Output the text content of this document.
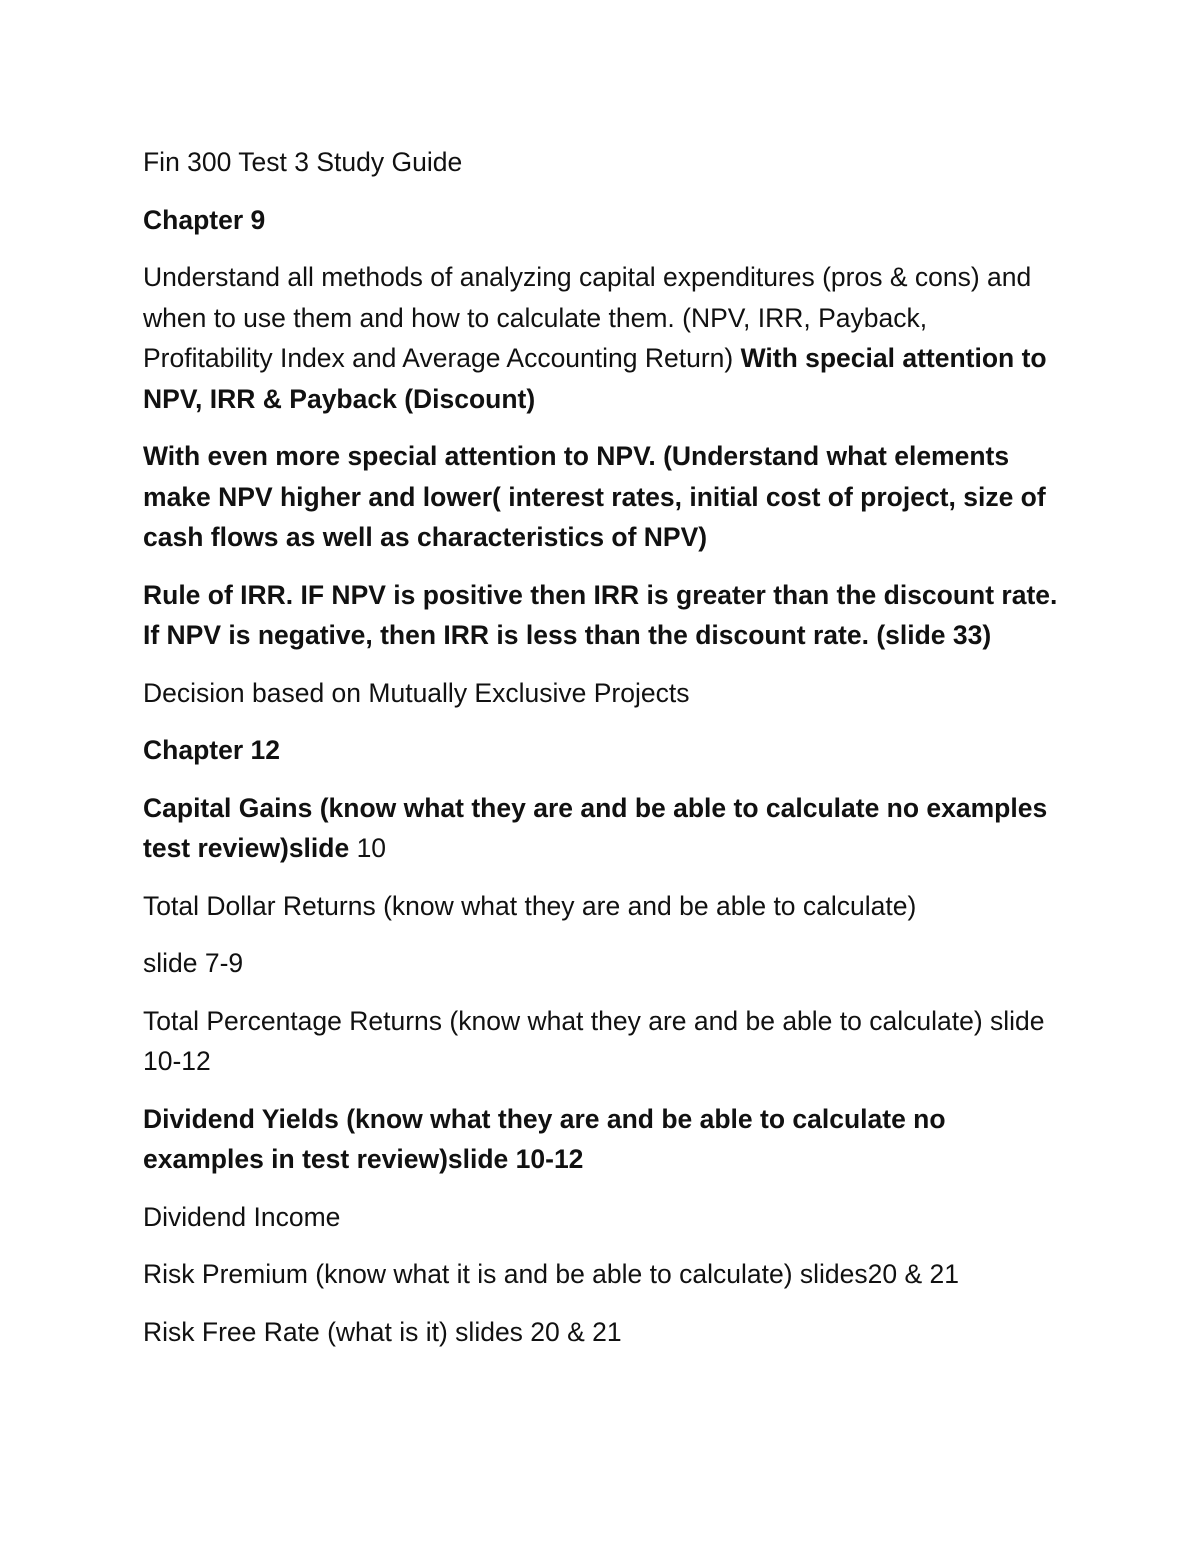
Fin 300 Test 3 Study Guide

Chapter 9

Understand all methods of analyzing capital expenditures (pros & cons) and when to use them and how to calculate them. (NPV, IRR, Payback, Profitability Index and Average Accounting Return) With special attention to NPV, IRR & Payback (Discount)

With even more special attention to NPV. (Understand what elements make NPV higher and lower( interest rates, initial cost of project, size of cash flows as well as characteristics of NPV)

Rule of IRR. IF NPV is positive then IRR is greater than the discount rate. If NPV is negative, then IRR is less than the discount rate. (slide 33)

Decision based on Mutually Exclusive Projects

Chapter 12

Capital Gains (know what they are and be able to calculate no examples test review)slide 10

Total Dollar Returns (know what they are and be able to calculate)

slide 7-9

Total Percentage Returns (know what they are and be able to calculate) slide 10-12

Dividend Yields (know what they are and be able to calculate no examples in test review)slide 10-12

Dividend Income

Risk Premium (know what it is and be able to calculate) slides20 & 21

Risk Free Rate (what is it) slides 20 & 21
